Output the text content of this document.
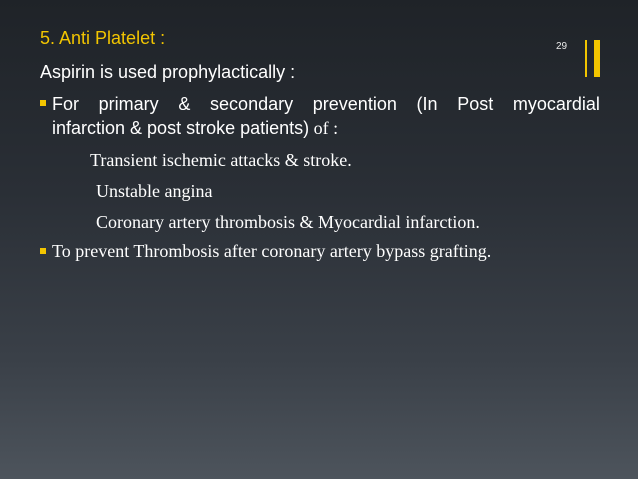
5. Anti Platelet :	29
Aspirin is used prophylactically :
For primary & secondary prevention (In Post myocardial
infarction & post stroke patients) of :
Transient ischemic attacks & stroke.
Unstable angina
Coronary artery thrombosis & Myocardial infarction.
To prevent Thrombosis after coronary artery bypass grafting.
